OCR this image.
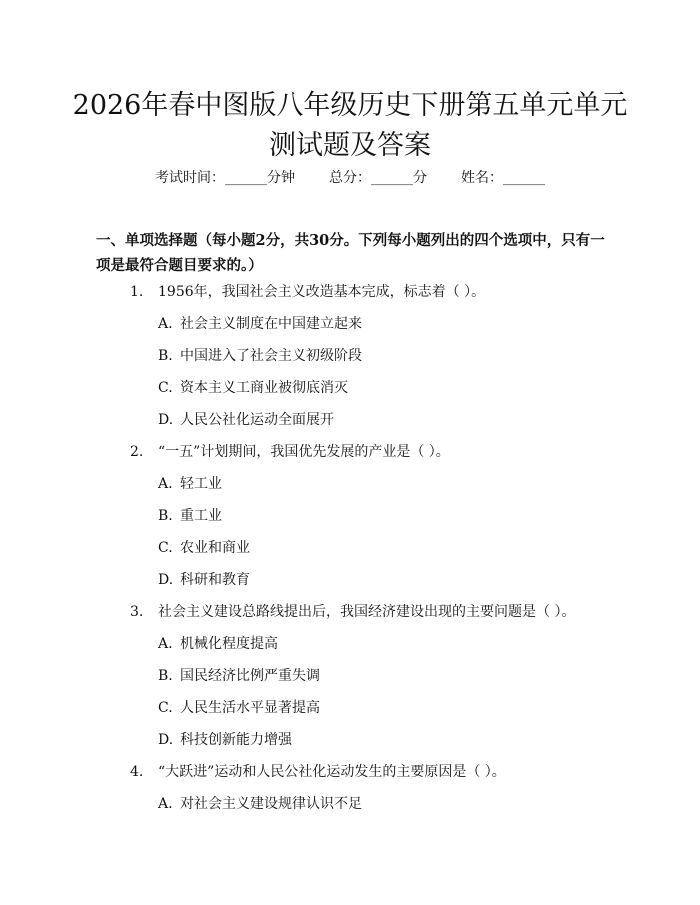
2026年春中图版八年级历史下册第五单元单元测试题及答案
考试时间：______分钟 总分：______分 姓名：______

一、单项选择题（每小题2分，共30分。下列每小题列出的四个选项中，只有一项是最符合题目要求的。）

1. 1956年，我国社会主义改造基本完成，标志着（ ）。
A. 社会主义制度在中国建立起来
B. 中国进入了社会主义初级阶段
C. 资本主义工商业被彻底消灭
D. 人民公社化运动全面展开
2. “一五”计划期间，我国优先发展的产业是（ ）。
A. 轻工业
B. 重工业
C. 农业和商业
D. 科研和教育
3. 社会主义建设总路线提出后，我国经济建设出现的主要问题是（ ）。
A. 机械化程度提高
B. 国民经济比例严重失调
C. 人民生活水平显著提高
D. 科技创新能力增强
4. “大跃进”运动和人民公社化运动发生的主要原因是（ ）。
A. 对社会主义建设规律认识不足
